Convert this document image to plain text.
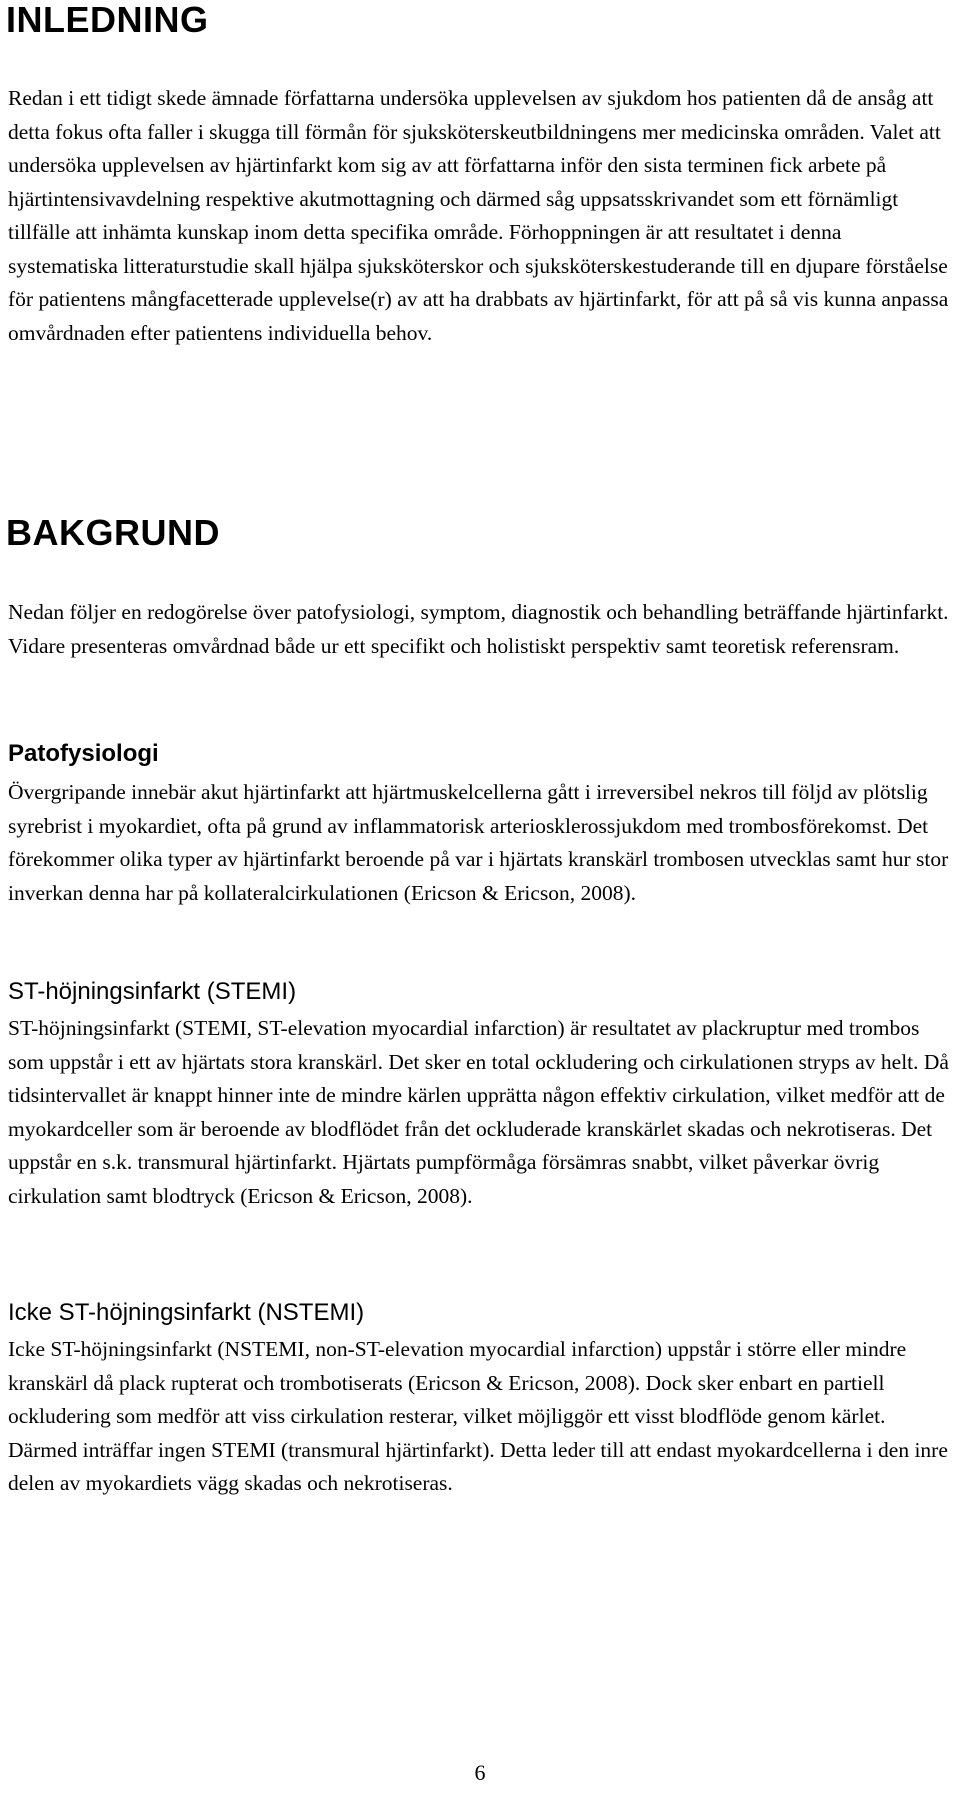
INLEDNING

Redan i ett tidigt skede ämnade författarna undersöka upplevelsen av sjukdom hos patienten då de ansåg att detta fokus ofta faller i skugga till förmån för sjuksköterskeutbildningens mer medicinska områden. Valet att undersöka upplevelsen av hjärtinfarkt kom sig av att författarna inför den sista terminen fick arbete på hjärtintensivavdelning respektive akutmottagning och därmed såg uppsatsskrivandet som ett förnämligt tillfälle att inhämta kunskap inom detta specifika område. Förhoppningen är att resultatet i denna systematiska litteraturstudie skall hjälpa sjuksköterskor och sjuksköterskestuderande till en djupare förståelse för patientens mångfacetterade upplevelse(r) av att ha drabbats av hjärtinfarkt, för att på så vis kunna anpassa omvårdnaden efter patientens individuella behov.

BAKGRUND

Nedan följer en redogörelse över patofysiologi, symptom, diagnostik och behandling beträffande hjärtinfarkt. Vidare presenteras omvårdnad både ur ett specifikt och holistiskt perspektiv samt teoretisk referensram.

Patofysiologi

Övergripande innebär akut hjärtinfarkt att hjärtmuskelcellerna gått i irreversibel nekros till följd av plötslig syrebrist i myokardiet, ofta på grund av inflammatorisk arteriosklerossjukdom med trombosförekomst. Det förekommer olika typer av hjärtinfarkt beroende på var i hjärtats kranskärl trombosen utvecklas samt hur stor inverkan denna har på kollateralcirkulationen (Ericson & Ericson, 2008).

ST-höjningsinfarkt (STEMI)

ST-höjningsinfarkt (STEMI, ST-elevation myocardial infarction) är resultatet av plackruptur med trombos som uppstår i ett av hjärtats stora kranskärl. Det sker en total ockludering och cirkulationen stryps av helt. Då tidsintervallet är knappt hinner inte de mindre kärlen upprätta någon effektiv cirkulation, vilket medför att de myokardceller som är beroende av blodflödet från det ockluderade kranskärlet skadas och nekrotiseras. Det uppstår en s.k. transmural hjärtinfarkt. Hjärtats pumpförmåga försämras snabbt, vilket påverkar övrig cirkulation samt blodtryck (Ericson & Ericson, 2008).

Icke ST-höjningsinfarkt (NSTEMI)

Icke ST-höjningsinfarkt (NSTEMI, non-ST-elevation myocardial infarction) uppstår i större eller mindre kranskärl då plack rupterat och trombotiserats (Ericson & Ericson, 2008). Dock sker enbart en partiell ockludering som medför att viss cirkulation resterar, vilket möjliggör ett visst blodflöde genom kärlet. Därmed inträffar ingen STEMI (transmural hjärtinfarkt). Detta leder till att endast myokardcellerna i den inre delen av myokardiets vägg skadas och nekrotiseras.

6
